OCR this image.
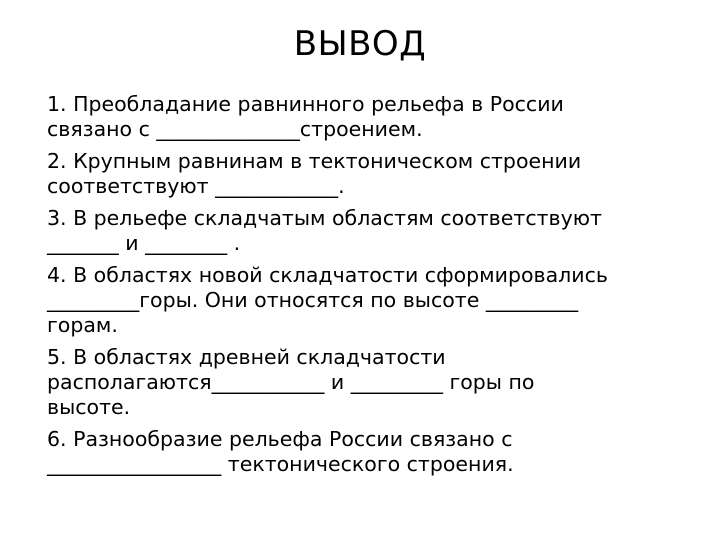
ВЫВОД
1. Преобладание равнинного рельефа в России
связано с ______________строением.
2. Крупным равнинам в тектоническом строении
соответствуют ____________.
3. В рельефе складчатым областям соответствуют
_______ и ________ .
4. В областях новой складчатости сформировались
_________горы. Они относятся по высоте _________
горам.
5. В областях древней складчатости
располагаются___________ и _________ горы по
высоте.
6. Разнообразие рельефа России связано с
_________________ тектонического строения.
